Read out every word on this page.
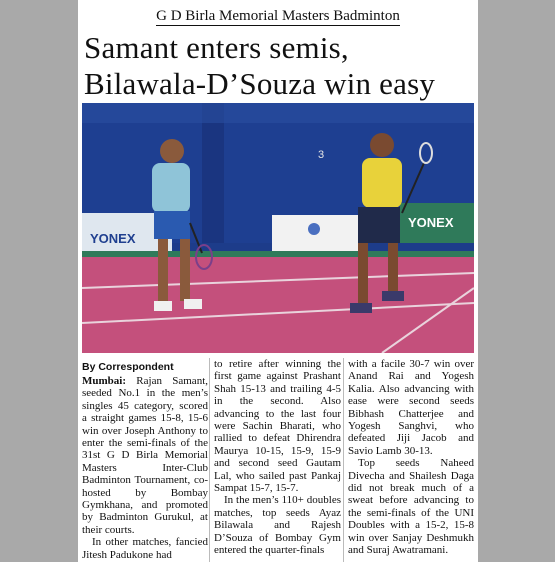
G D Birla Memorial Masters Badminton
Samant enters semis,
Bilawala-D’Souza win easy
3
YONEX
YONEX
By Correspondent

Mumbai: Rajan Samant, seeded No.1 in the men’s singles 45 category, scored a straight games 15-8, 15-6 win over Joseph Anthony to enter the semi-finals of the 31st G D Birla Memorial Masters Inter-Club Badminton Tournament, co-hosted by Bombay Gymkhana, and promoted by Badminton Gurukul, at their courts.

In other matches, fancied Jitesh Padukone had

to retire after winning the first game against Prashant Shah 15-13 and trailing 4-5 in the second. Also advancing to the last four were Sachin Bharati, who rallied to defeat Dhirendra Maurya 10-15, 15-9, 15-9 and second seed Gautam Lal, who sailed past Pankaj Sampat 15-7, 15-7.

In the men’s 110+ doubles matches, top seeds Ayaz Bilawala and Rajesh D’Souza of Bombay Gym entered the quarter-finals

with a facile 30-7 win over Anand Rai and Yogesh Kalia. Also advancing with ease were second seeds Bibhash Chatterjee and Yogesh Sanghvi, who defeated Jiji Jacob and Savio Lamb 30-13.

Top seeds Naheed Divecha and Shailesh Daga did not break much of a sweat before advancing to the semi-finals of the UNI Doubles with a 15-2, 15-8 win over Sanjay Deshmukh and Suraj Awatramani.
